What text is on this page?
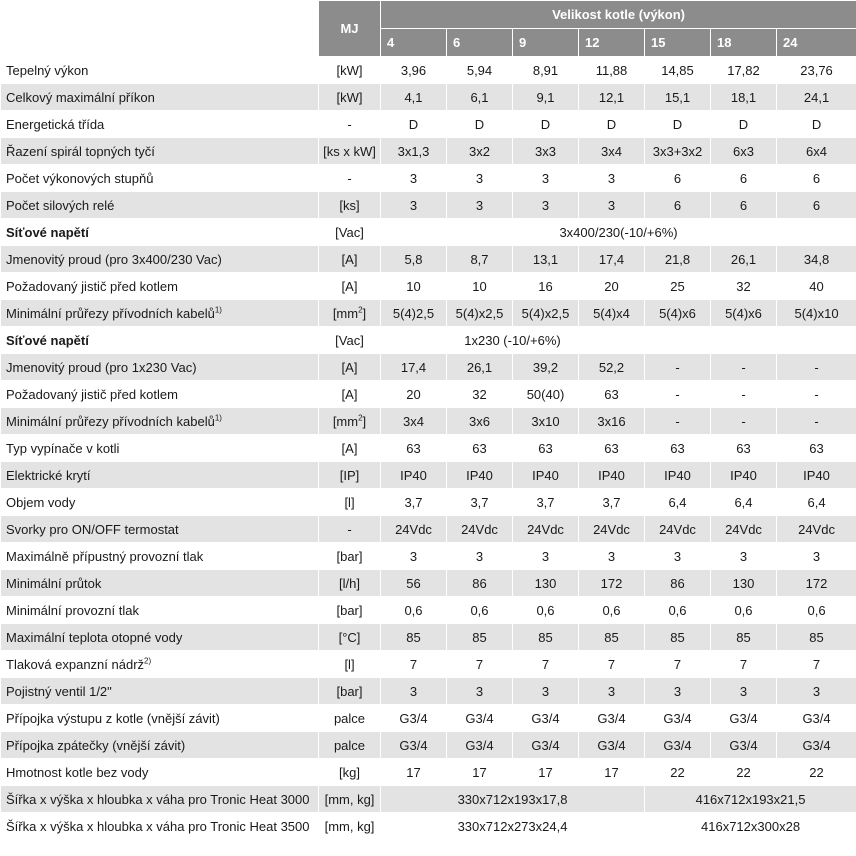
	MJ	Velikost kotle (výkon)						
		4	6	9	12	15	18	24
Tepelný výkon	[kW]	3,96	5,94	8,91	11,88	14,85	17,82	23,76
Celkový maximální příkon	[kW]	4,1	6,1	9,1	12,1	15,1	18,1	24,1
Energetická třída	-	D	D	D	D	D	D	D
Řazení spirál topných tyčí	[ks x kW]	3x1,3	3x2	3x3	3x4	3x3+3x2	6x3	6x4
Počet výkonových stupňů	-	3	3	3	3	6	6	6
Počet silových relé	[ks]	3	3	3	3	6	6	6
Síťové napětí	[Vac]	3x400/230(-10/+6%)						
Jmenovitý proud (pro 3x400/230 Vac)	[A]	5,8	8,7	13,1	17,4	21,8	26,1	34,8
Požadovaný jistič před kotlem	[A]	10	10	16	20	25	32	40
Minimální průřezy přívodních kabelů$^{1)}$	$[mm^2]$	5(4)2,5	5(4)x2,5	5(4)x2,5	5(4)x4	5(4)x6	5(4)x6	5(4)x10
Síťové napětí	[Vac]	1x230 (-10/+6%)						
Jmenovitý proud (pro 1x230 Vac)	[A]	17,4	26,1	39,2	52,2	-	-	-
Požadovaný jistič před kotlem	[A]	20	32	50(40)	63	-	-	-
Minimální průřezy přívodních kabelů$^{1)}$	$[mm^2]$	3x4	3x6	3x10	3x16	-	-	-
Typ vypínače v kotli	[A]	63	63	63	63	63	63	63
Elektrické krytí	[IP]	IP40	IP40	IP40	IP40	IP40	IP40	IP40
Objem vody	[l]	3,7	3,7	3,7	3,7	6,4	6,4	6,4
Svorky pro ON/OFF termostat	-	24Vdc	24Vdc	24Vdc	24Vdc	24Vdc	24Vdc	24Vdc
Maximálně přípustný provozní tlak	[bar]	3	3	3	3	3	3	3
Minimální průtok	[l/h]	56	86	130	172	86	130	172
Minimální provozní tlak	[bar]	0,6	0,6	0,6	0,6	0,6	0,6	0,6
Maximální teplota otopné vody	[°C]	85	85	85	85	85	85	85
Tlaková expanzní nádrž$^{2)}$	[l]	7	7	7	7	7	7	7
Pojistný ventil 1/2"	[bar]	3	3	3	3	3	3	3
Přípojka výstupu z kotle (vnější závit)	palce	G3/4	G3/4	G3/4	G3/4	G3/4	G3/4	G3/4
Přípojka zpátečky (vnější závit)	palce	G3/4	G3/4	G3/4	G3/4	G3/4	G3/4	G3/4
Hmotnost kotle bez vody	[kg]	17	17	17	17	22	22	22
Šířka x výška x hloubka x váha pro Tronic Heat 3000	[mm, kg]	330x712x193x17,8				416x712x193x21,5		
Šířka x výška x hloubka x váha pro Tronic Heat 3500	[mm, kg]	330x712x273x24,4				416x712x300x28		
